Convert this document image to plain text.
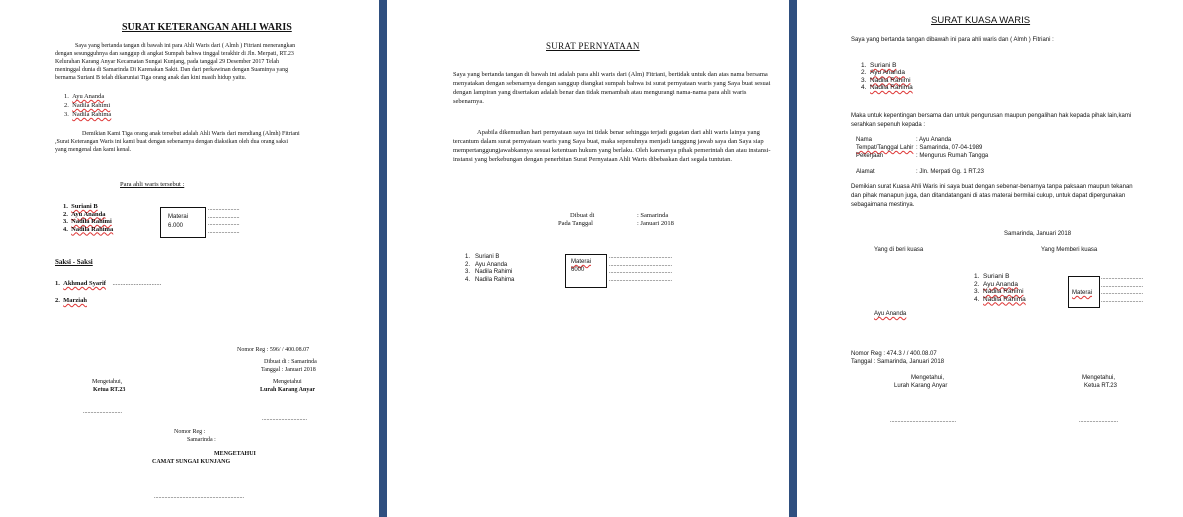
SURAT KETERANGAN AHLI WARIS
Saya yang bertanda tangan di bawah ini para Ahli Waris dari ( Almh ) Fitriani menerangkan
dengan sesungguhnya dan sanggup di angkat Sumpah bahwa tinggal terakhir di Jln. Merpati, RT.23
Kelurahan Karang Anyar Kecamatan Sungai Kunjang, pada tanggal 29 Desember 2017 Telah
meninggal dunia di Samarinda Di Karenakan Sakit. Dan dari perkawinan dengan Suaminya yang
bernama Suriani B telah dikaruniai Tiga orang anak dan kini masih hidup yaitu.
1.  Ayu Ananda
2.  Nadila Rahimi
3.  Nadila Rahima
Demikian Kami Tiga orang anak tersebut adalah Ahli Waris dari mendiang (Almh) Fitriani
,Surat Keterangan Waris ini kami buat dengan sebenarnya dengan diaksikan oleh dua orang saksi
yang mengenal dan kami kenal.
Para ahli waris tersebut :
1.  Suriani B
2.  Ayu Ananda
3.  Nadila Rahimi
4.  Nadila Rahima
Materai
6.000
.....................
.....................
.....................
.....................
Saksi - Saksi
1.  Akhmad Syarif ..............................
2.  Marziah
Nomor Reg : 596/ / 400.08.07
Dibuat di : Samarinda
Tanggal : Januari 2018
Mengetahui,
Ketua RT.23
Mengetahui
Lurah Karang Anyar
..........................
..............................
Nomor Reg :
Samarinda :
MENGETAHUI
CAMAT SUNGAI KUNJANG
............................................................
SURAT PERNYATAAN
Saya yang bertanda tangan di bawah ini adalah para ahli waris dari (Alm) Fitriani, bertidak untuk dan atas nama bersama menyatakan dengan sebenarnya dengan sanggup diangkat sumpah bahwa isi surat pernyataan waris yang Saya buat sesuai dengan lampiran yang disertakan adalah benar dan tidak menambah atau mengurangi nama-nama para ahli waris sebenarnya.
Apabila dikemudian hari pernyataan saya ini tidak benar sehingga terjadi gugatan dari ahli waris lainya yang tercantum dalam surat pernyataan waris yang Saya buat, maka sepenuhnya menjadi tanggung jawab saya dan Saya siap mempertanggungjawabkannya sesuai ketentuan hukum yang berlaku. Oleh karenanya pihak pemerintah dan atau instansi- instansi yang berkebungan dengan penerbitan Surat Pernyataan Ahli Waris dibebaskan dari segala tuntutan.
Dibuat di	: Samarinda
Pada Tanggal	: Januari 2018
1.   Suriani B
2.   Ayu Ananda
3.   Nadila Rahimi
4.   Nadila Rahima
Materai
6000
..........................................
..........................................
..........................................
..........................................
SURAT KUASA WARIS
Saya yang bertanda tangan dibawah ini para ahli waris dan ( Almh ) Fitriani :
1.  Suriani B
2.  Ayu Ananda
3.  Nadila Rahimi
4.  Nadila Rahima
Maka untuk kepentingan bersama dan untuk pengurusan maupun pengalihan hak kepada pihak lain,kami serahkan sepenuh kepada :
Nama	: Ayu Ananda
Tempat/Tanggal Lahir : Samarinda, 07-04-1989
Pekerjaan	: Mengurus Rumah Tangga
Alamat	: Jln. Merpati Gg. 1 RT.23
Demikian surat Kuasa Ahli Waris ini saya buat dengan sebenar-benarnya tanpa paksaan maupun tekanan dan pihak manapun juga, dan ditandatangani di atas materai bermilai cukup, untuk dapat dipergunakan sebagaimana mestinya.
Samarinda, Januari 2018
Yang di beri kuasa	Yang Memberi kuasa
1.  Suriani B
2.  Ayu Ananda
3.  Nadila Rahimi
4.  Nadila Rahima
Materai
............................
............................
............................
............................
Ayu Ananda
Nomor Reg : 474.3 / / 400.08.07
Tanggal : Samarinda, Januari 2018
Mengetahui,
Lurah Karang Anyar
Mengetahui,
Ketua RT.23
............................................	..........................
